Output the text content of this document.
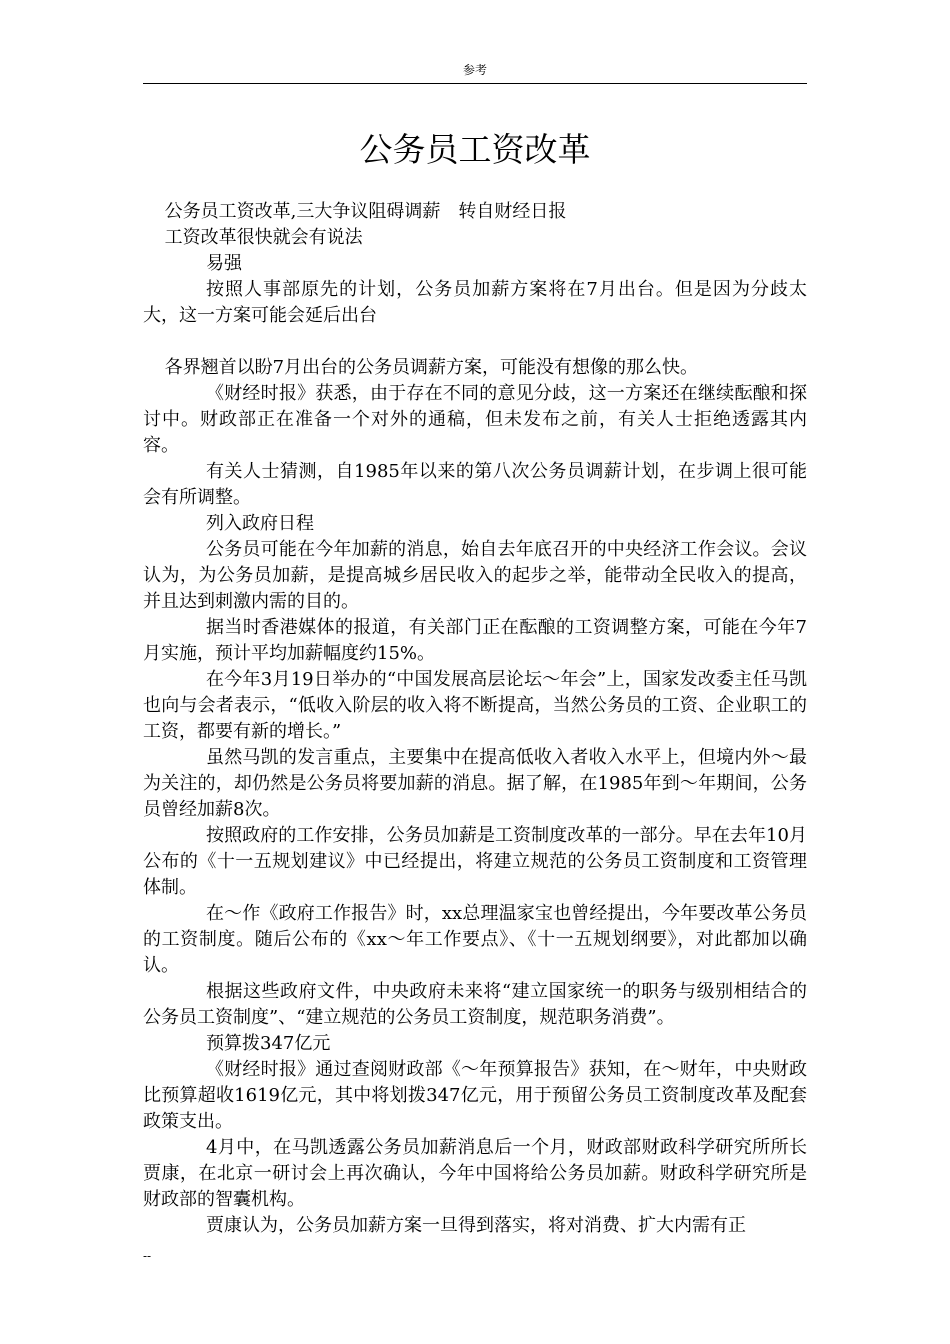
参考
公务员工资改革

公务员工资改革,三大争议阻碍调薪　转自财经日报

工资改革很快就会有说法

易强

按照人事部原先的计划，公务员加薪方案将在7月出台。但是因为分歧太大，这一方案可能会延后出台

各界翘首以盼7月出台的公务员调薪方案，可能没有想像的那么快。

《财经时报》获悉，由于存在不同的意见分歧，这一方案还在继续酝酿和探讨中。财政部正在准备一个对外的通稿，但未发布之前，有关人士拒绝透露其内容。

有关人士猜测，自1985年以来的第八次公务员调薪计划，在步调上很可能会有所调整。

列入政府日程

公务员可能在今年加薪的消息，始自去年底召开的中央经济工作会议。会议认为，为公务员加薪，是提高城乡居民收入的起步之举，能带动全民收入的提高，并且达到刺激内需的目的。

据当时香港媒体的报道，有关部门正在酝酿的工资调整方案，可能在今年7月实施，预计平均加薪幅度约15%。

在今年3月19日举办的“中国发展高层论坛～年会”上，国家发改委主任马凯也向与会者表示，“低收入阶层的收入将不断提高，当然公务员的工资、企业职工的工资，都要有新的增长。”

虽然马凯的发言重点，主要集中在提高低收入者收入水平上，但境内外～最为关注的，却仍然是公务员将要加薪的消息。据了解，在1985年到～年期间，公务员曾经加薪8次。

按照政府的工作安排，公务员加薪是工资制度改革的一部分。早在去年10月公布的《十一五规划建议》中已经提出，将建立规范的公务员工资制度和工资管理体制。

在～作《政府工作报告》时，xx总理温家宝也曾经提出，今年要改革公务员的工资制度。随后公布的《xx～年工作要点》、《十一五规划纲要》，对此都加以确认。

根据这些政府文件，中央政府未来将“建立国家统一的职务与级别相结合的公务员工资制度”、“建立规范的公务员工资制度，规范职务消费”。

预算拨347亿元

《财经时报》通过查阅财政部《～年预算报告》获知，在～财年，中央财政比预算超收1619亿元，其中将划拨347亿元，用于预留公务员工资制度改革及配套政策支出。

4月中，在马凯透露公务员加薪消息后一个月，财政部财政科学研究所所长贾康，在北京一研讨会上再次确认，今年中国将给公务员加薪。财政科学研究所是财政部的智囊机构。

贾康认为，公务员加薪方案一旦得到落实，将对消费、扩大内需有正

--
